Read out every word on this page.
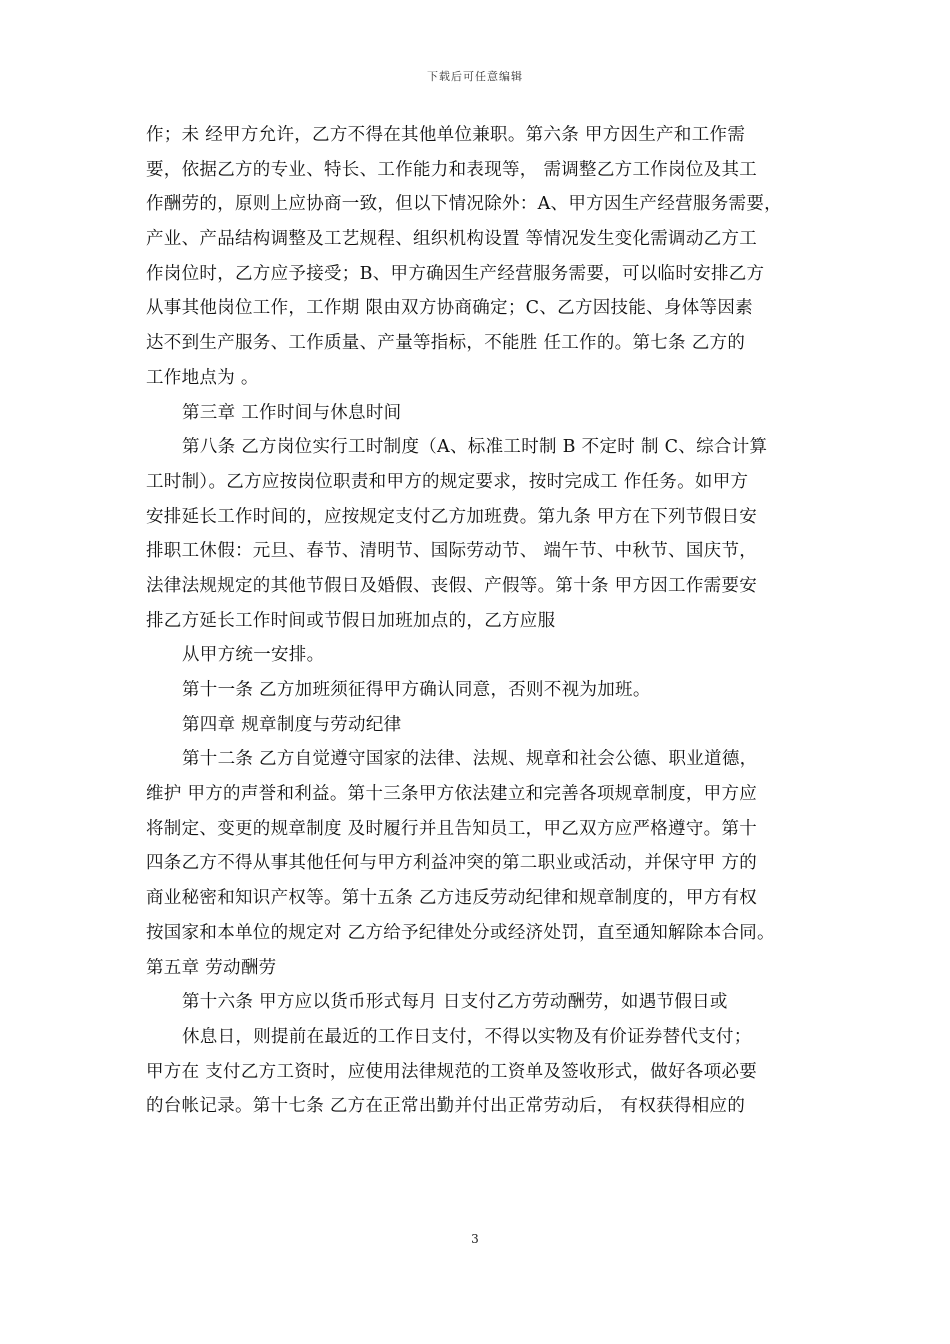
下载后可任意编辑
作；未 经甲方允许，乙方不得在其他单位兼职。第六条 甲方因生产和工作需
要，依据乙方的专业、特长、工作能力和表现等， 需调整乙方工作岗位及其工
作酬劳的，原则上应协商一致，但以下情况除外：A、甲方因生产经营服务需要，
产业、产品结构调整及工艺规程、组织机构设置 等情况发生变化需调动乙方工
作岗位时，乙方应予接受；B、甲方确因生产经营服务需要，可以临时安排乙方
从事其他岗位工作，工作期 限由双方协商确定；C、乙方因技能、身体等因素
达不到生产服务、工作质量、产量等指标，不能胜 任工作的。第七条 乙方的
工作地点为 。
第三章 工作时间与休息时间
第八条 乙方岗位实行工时制度（A、标准工时制 B 不定时 制 C、综合计算
工时制）。乙方应按岗位职责和甲方的规定要求，按时完成工 作任务。如甲方
安排延长工作时间的，应按规定支付乙方加班费。第九条 甲方在下列节假日安
排职工休假：元旦、春节、清明节、国际劳动节、 端午节、中秋节、国庆节，
法律法规规定的其他节假日及婚假、丧假、产假等。第十条 甲方因工作需要安
排乙方延长工作时间或节假日加班加点的，乙方应服
从甲方统一安排。
第十一条 乙方加班须征得甲方确认同意，否则不视为加班。
第四章 规章制度与劳动纪律
第十二条 乙方自觉遵守国家的法律、法规、规章和社会公德、职业道德，
维护 甲方的声誉和利益。第十三条甲方依法建立和完善各项规章制度，甲方应
将制定、变更的规章制度 及时履行并且告知员工，甲乙双方应严格遵守。第十
四条乙方不得从事其他任何与甲方利益冲突的第二职业或活动，并保守甲 方的
商业秘密和知识产权等。第十五条 乙方违反劳动纪律和规章制度的，甲方有权
按国家和本单位的规定对 乙方给予纪律处分或经济处罚，直至通知解除本合同。
第五章 劳动酬劳
第十六条 甲方应以货币形式每月 日支付乙方劳动酬劳，如遇节假日或
休息日，则提前在最近的工作日支付，不得以实物及有价证券替代支付；
甲方在 支付乙方工资时，应使用法律规范的工资单及签收形式，做好各项必要
的台帐记录。第十七条 乙方在正常出勤并付出正常劳动后， 有权获得相应的
3
